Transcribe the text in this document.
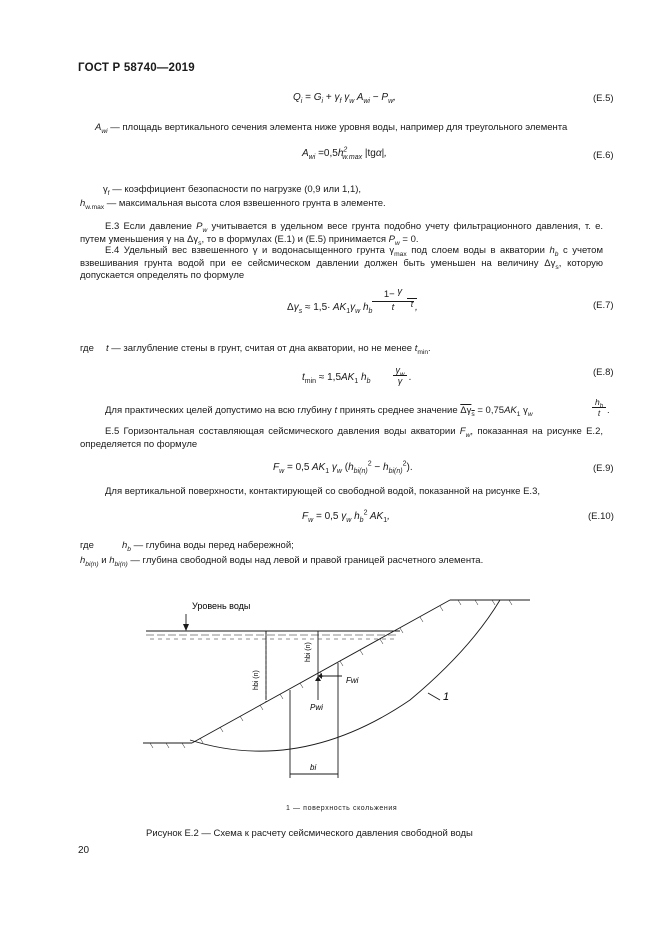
ГОСТ Р 58740—2019
$Q_i = G_i + \gamma_f$ $\gamma_w$ $A_{wi} - P_w$,	(Е.5)
$A_{wi}$ — площадь вертикального сечения элемента ниже уровня воды, например для треугольного элемента
$A_{wi} =0,5h^2_{w.max}$ |tgα|,	(Е.6)
$\gamma_f$ — коэффициент безопасности по нагрузке (0,9 или 1,1),
$h_{w.max}$ — максимальная высота слоя взвешенного грунта в элементе.
Е.3 Если давление $P_w$ учитывается в удельном весе грунта подобно учету фильтрационного давления, т. е. путем уменьшения γ на $\Delta\gamma_s$, то в формулах (Е.1) и (Е.5) принимается $P_w = 0$.
Е.4 Удельный вес взвешенного γ и водонасыщенного грунта $\gamma_{max}$ под слоем воды в акватории $h_b$ с учетом взвешивания грунта водой при ее сейсмическом давлении должен быть уменьшен на величину $\Delta\gamma_s$, которую допускается определять по формуле
$\Delta\gamma_s \approx 1,5\cdot AK_1\gamma_w$ $h_b$
1− γ
t	t ,	(Е.7)
где t — заглубление стены в грунт, считая от дна акватории, но не менее $t_{min}$.
$t_{min} \approx 1,5AK_1$ $h_b$
$\gamma_w$
γ .	(Е.8)
Для практических целей допустимо на всю глубину t принять среднее значение $\Delta\gamma_s = 0,75AK_1$ $\gamma_w$
$h_b$
t .
Е.5 Горизонтальная составляющая сейсмического давления воды акватории $F_w$, показанная на рисунке Е.2, определяется по формуле
$F_w = 0,5$ $AK_1$ $\gamma_w$ $(h_{bi(n)}^2 - h_{bi(n)}^2)$.	(Е.9)
Для вертикальной поверхности, контактирующей со свободной водой, показанной на рисунке Е.3,
$F_w = 0,5$ $\gamma_w$ $h_b^2$ $AK_1$,	(Е.10)
где	$h_b$ — глубина воды перед набережной;
$h_{bi(n)}$ и $h_{bi(n)}$ — глубина свободной воды над левой и правой границей расчетного элемента.
Уровень воды
hbi (n)
hbi (n)
Fwi
Pwi
bi
1
1 — поверхность скольжения
Рисунок Е.2 — Схема к расчету сейсмического давления свободной воды
20
